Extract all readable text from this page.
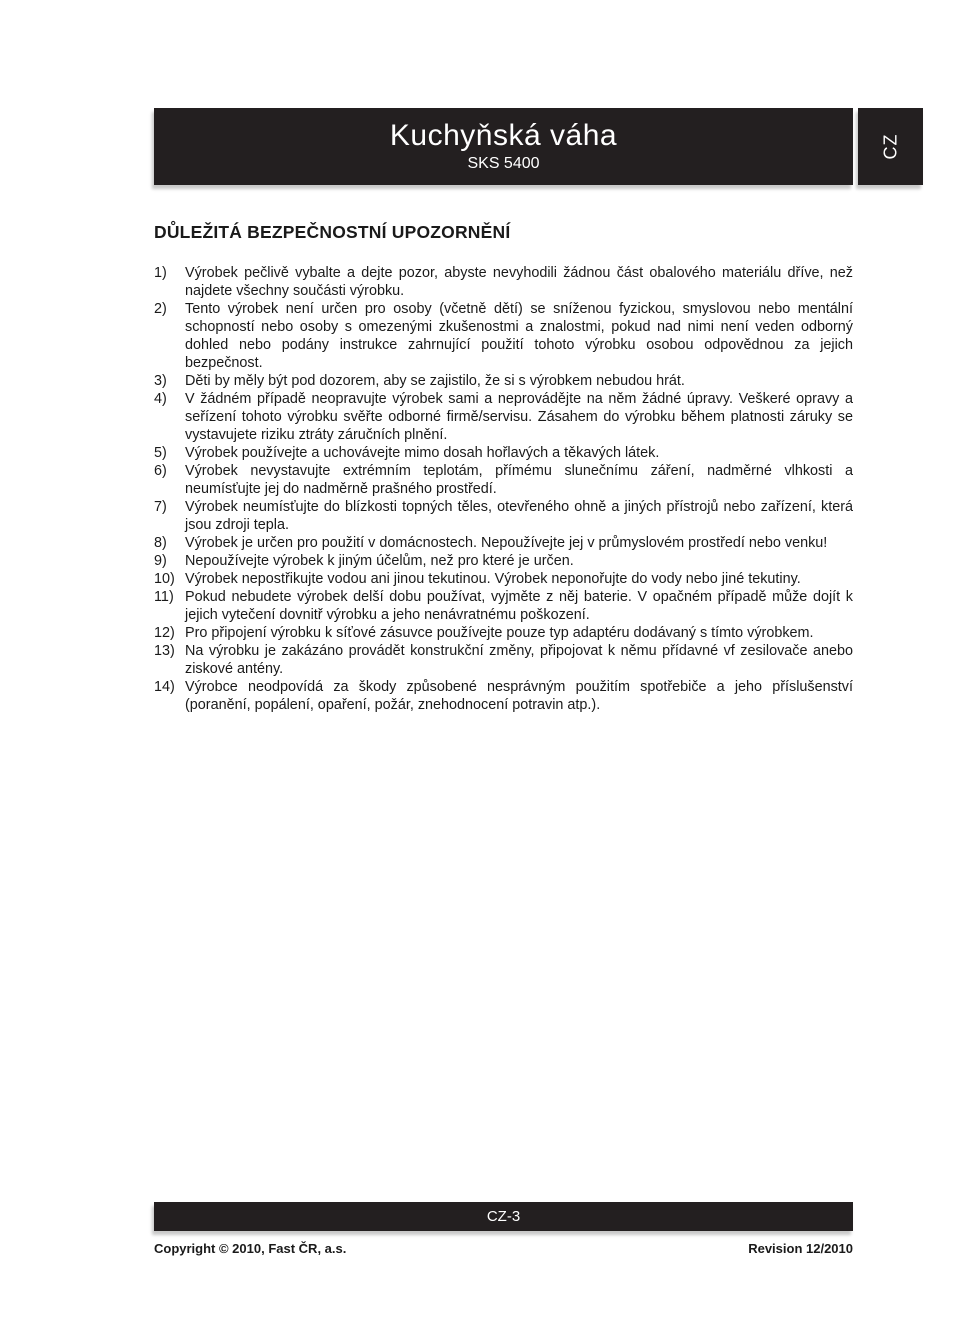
Kuchyňská váha
SKS 5400
CZ
DŮLEŽITÁ BEZPEČNOSTNÍ UPOZORNĚNÍ
1)	Výrobek pečlivě vybalte a dejte pozor, abyste nevyhodili žádnou část obalového materiálu dříve, než najdete všechny součásti výrobku.
2)	Tento výrobek není určen pro osoby (včetně dětí) se sníženou fyzickou, smyslovou nebo mentální schopností nebo osoby s omezenými zkušenostmi a znalostmi, pokud nad nimi není veden odborný dohled nebo podány instrukce zahrnující použití tohoto výrobku osobou odpovědnou za jejich bezpečnost.
3)	Děti by měly být pod dozorem, aby se zajistilo, že si s výrobkem nebudou hrát.
4)	V žádném případě neopravujte výrobek sami a neprovádějte na něm žádné úpravy. Veškeré opravy a seřízení tohoto výrobku svěřte odborné firmě/servisu. Zásahem do výrobku během platnosti záruky se vystavujete riziku ztráty záručních plnění.
5)	Výrobek používejte a uchovávejte mimo dosah hořlavých a těkavých látek.
6)	Výrobek nevystavujte extrémním teplotám, přímému slunečnímu záření, nadměrné vlhkosti a neumísťujte jej do nadměrně prašného prostředí.
7)	Výrobek neumísťujte do blízkosti topných těles, otevřeného ohně a jiných přístrojů nebo zařízení, která jsou zdroji tepla.
8)	Výrobek je určen pro použití v domácnostech. Nepoužívejte jej v průmyslovém prostředí nebo venku!
9)	Nepoužívejte výrobek k jiným účelům, než pro které je určen.
10) Výrobek nepostřikujte vodou ani jinou tekutinou. Výrobek neponořujte do vody nebo jiné tekutiny.
11) Pokud nebudete výrobek delší dobu používat, vyjměte z něj baterie. V opačném případě může dojít k jejich vytečení dovnitř výrobku a jeho nenávratnému poškození.
12) Pro připojení výrobku k síťové zásuvce používejte pouze typ adaptéru dodávaný s tímto výrobkem.
13) Na výrobku je zakázáno provádět konstrukční změny, připojovat k němu přídavné vf zesilovače anebo ziskové antény.
14) Výrobce neodpovídá za škody způsobené nesprávným použitím spotřebiče a jeho příslušenství (poranění, popálení, opaření, požár, znehodnocení potravin atp.).
CZ-3
Copyright © 2010, Fast ČR, a.s.	Revision 12/2010
